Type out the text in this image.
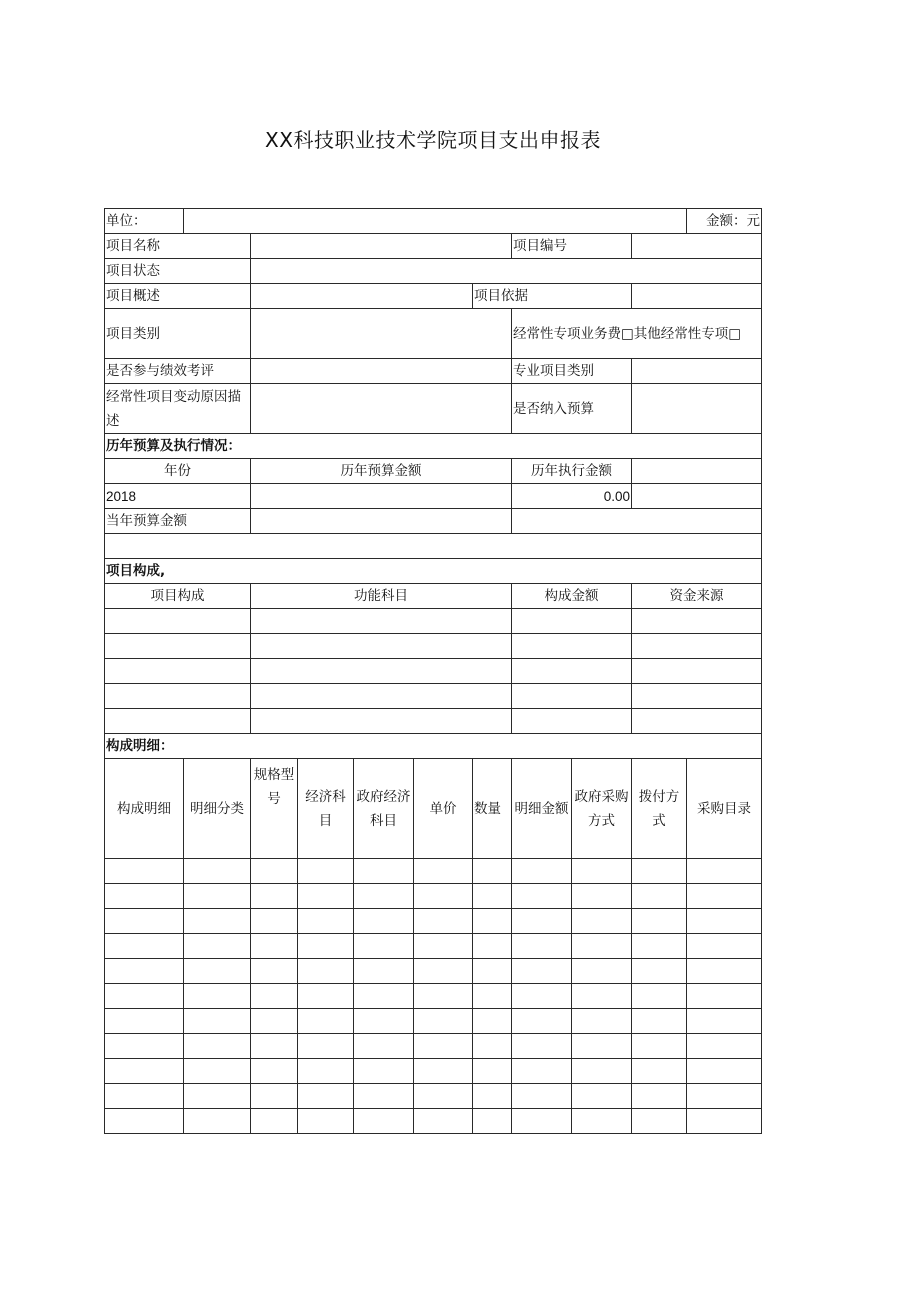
XX科技职业技术学院项目支出申报表
单位：		金额：元
项目名称			项目编号	
项目状态				
项目概述		项目依据		
项目类别			经常性专项业务费□其他经常性专项□	
是否参与绩效考评			专业项目类别	
经常性项目变动原因描述			是否纳入预算	
历年预算及执行情况：			
年份	历年预算金额	历年执行金额	
2018		0.00	
当年预算金额			

项目构成,			
项目构成	功能科目	构成金额	资金来源

构成明细：										
构成明细	明细分类	规格型号	经济科目	政府经济科目	单价	数量	明细金额	政府采购方式	拨付方式	采购目录
